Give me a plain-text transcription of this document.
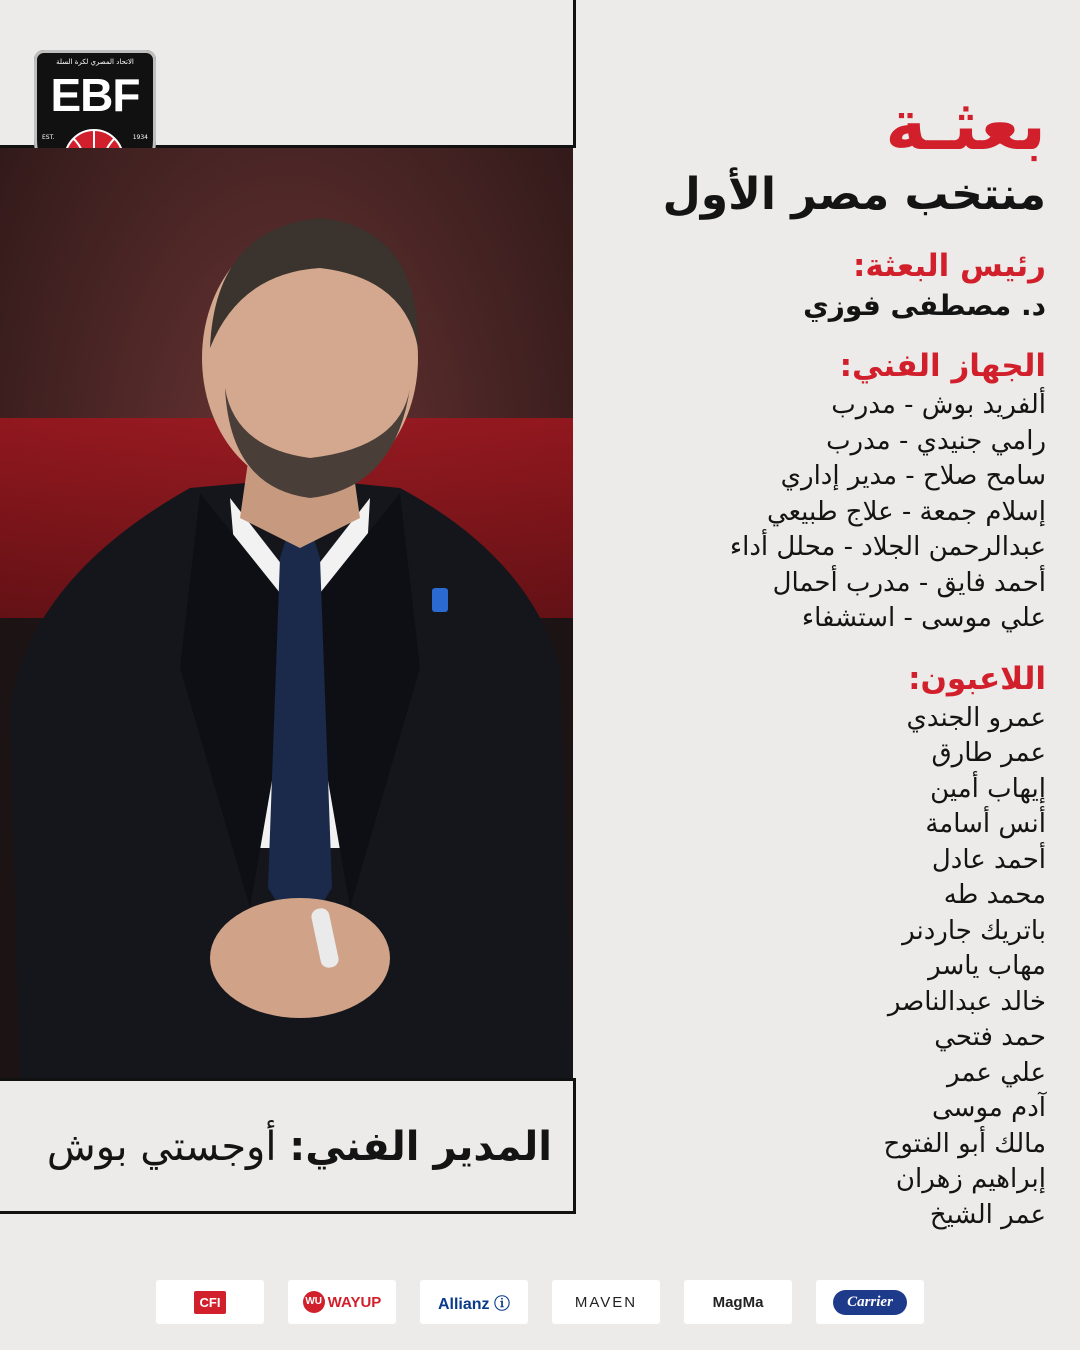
الاتحاد المصري لكرة السلة
EBF
EST.	1934
المدير الفني: أوجستي بوش
بعثـة
منتخب مصر الأول
رئيس البعثة:
د. مصطفى فوزي
الجهاز الفني:
ألفريد بوش - مدرب
رامي جنيدي - مدرب
سامح صلاح - مدير إداري
إسلام جمعة - علاج طبيعي
عبدالرحمن الجلاد - محلل أداء
أحمد فايق - مدرب أحمال
علي موسى - استشفاء
اللاعبون:
عمرو الجندي
عمر طارق
إيهاب أمين
أنس أسامة
أحمد عادل
محمد طه
باتريك جاردنر
مهاب ياسر
خالد عبدالناصر
حمد فتحي
علي عمر
آدم موسى
مالك أبو الفتوح
إبراهيم زهران
عمر الشيخ
CFI	WU WAYUP	Allianz ⓘ	MAVEN	MagMa	Carrier
